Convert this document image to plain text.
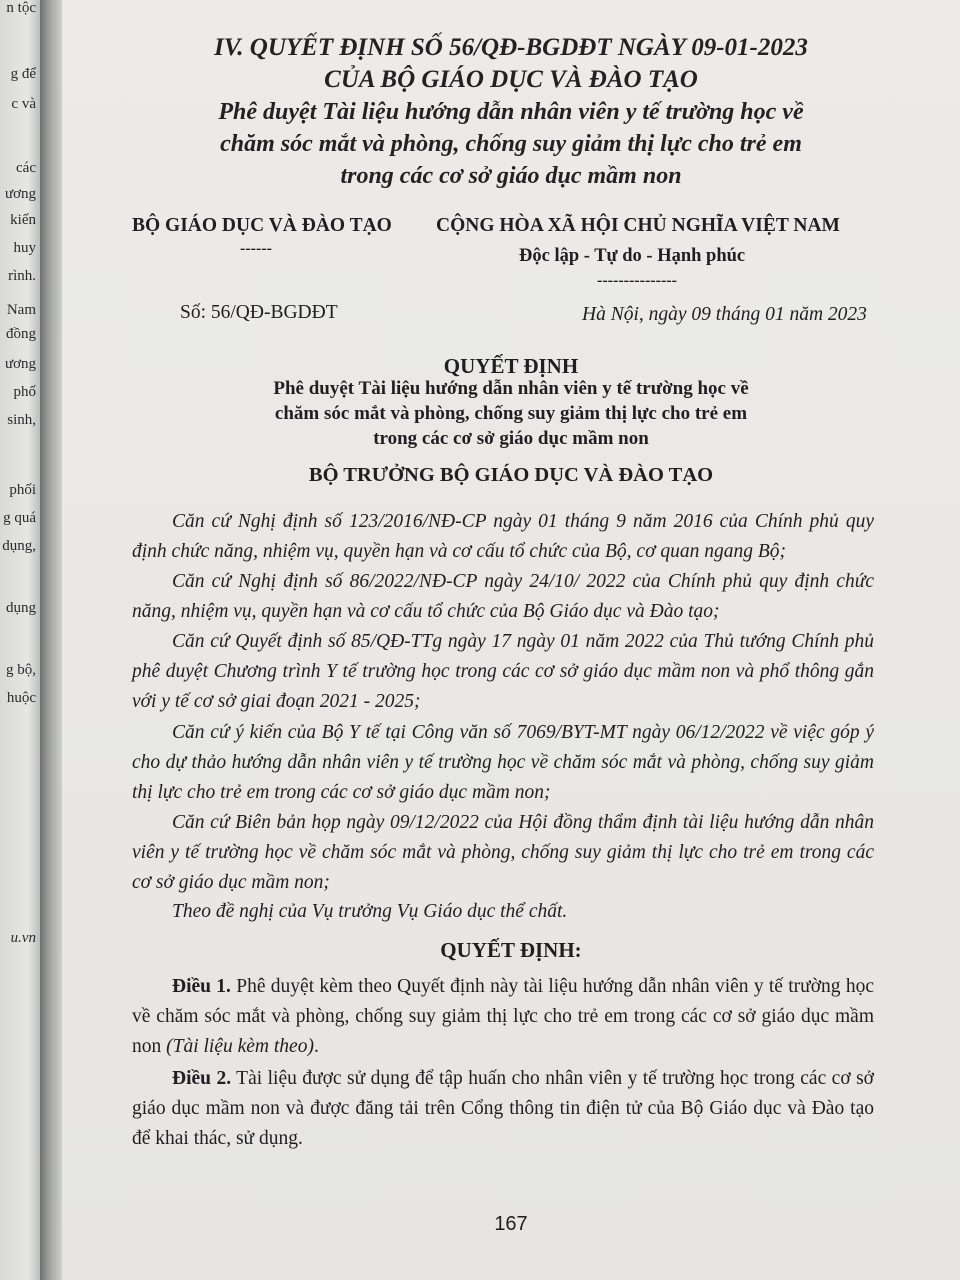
n tộc
g để
c và
các
ương
kiến
huy
rình.
Nam
đồng
ương
phố
sinh,
phối
g quá
dụng,
dụng
g bộ,
huộc
u.vn
IV. QUYẾT ĐỊNH SỐ 56/QĐ-BGDĐT NGÀY 09-01-2023
CỦA BỘ GIÁO DỤC VÀ ĐÀO TẠO
Phê duyệt Tài liệu hướng dẫn nhân viên y tế trường học về
chăm sóc mắt và phòng, chống suy giảm thị lực cho trẻ em
trong các cơ sở giáo dục mầm non
BỘ GIÁO DỤC VÀ ĐÀO TẠO
------
CỘNG HÒA XÃ HỘI CHỦ NGHĨA VIỆT NAM
Độc lập - Tự do - Hạnh phúc
---------------
Số: 56/QĐ-BGDĐT	Hà Nội, ngày 09 tháng 01 năm 2023
QUYẾT ĐỊNH
Phê duyệt Tài liệu hướng dẫn nhân viên y tế trường học về
chăm sóc mắt và phòng, chống suy giảm thị lực cho trẻ em
trong các cơ sở giáo dục mầm non
BỘ TRƯỞNG BỘ GIÁO DỤC VÀ ĐÀO TẠO
Căn cứ Nghị định số 123/2016/NĐ-CP ngày 01 tháng 9 năm 2016 của Chính phủ quy định chức năng, nhiệm vụ, quyền hạn và cơ cấu tổ chức của Bộ, cơ quan ngang Bộ;
Căn cứ Nghị định số 86/2022/NĐ-CP ngày 24/10/ 2022 của Chính phủ quy định chức năng, nhiệm vụ, quyền hạn và cơ cấu tổ chức của Bộ Giáo dục và Đào tạo;
Căn cứ Quyết định số 85/QĐ-TTg ngày 17 ngày 01 năm 2022 của Thủ tướng Chính phủ phê duyệt Chương trình Y tế trường học trong các cơ sở giáo dục mầm non và phổ thông gắn với y tế cơ sở giai đoạn 2021 - 2025;
Căn cứ ý kiến của Bộ Y tế tại Công văn số 7069/BYT-MT ngày 06/12/2022 về việc góp ý cho dự thảo hướng dẫn nhân viên y tế trường học về chăm sóc mắt và phòng, chống suy giảm thị lực cho trẻ em trong các cơ sở giáo dục mầm non;
Căn cứ Biên bản họp ngày 09/12/2022 của Hội đồng thẩm định tài liệu hướng dẫn nhân viên y tế trường học về chăm sóc mắt và phòng, chống suy giảm thị lực cho trẻ em trong các cơ sở giáo dục mầm non;
Theo đề nghị của Vụ trưởng Vụ Giáo dục thể chất.
QUYẾT ĐỊNH:
Điều 1. Phê duyệt kèm theo Quyết định này tài liệu hướng dẫn nhân viên y tế trường học về chăm sóc mắt và phòng, chống suy giảm thị lực cho trẻ em trong các cơ sở giáo dục mầm non (Tài liệu kèm theo).
Điều 2. Tài liệu được sử dụng để tập huấn cho nhân viên y tế trường học trong các cơ sở giáo dục mầm non và được đăng tải trên Cổng thông tin điện tử của Bộ Giáo dục và Đào tạo để khai thác, sử dụng.
167
